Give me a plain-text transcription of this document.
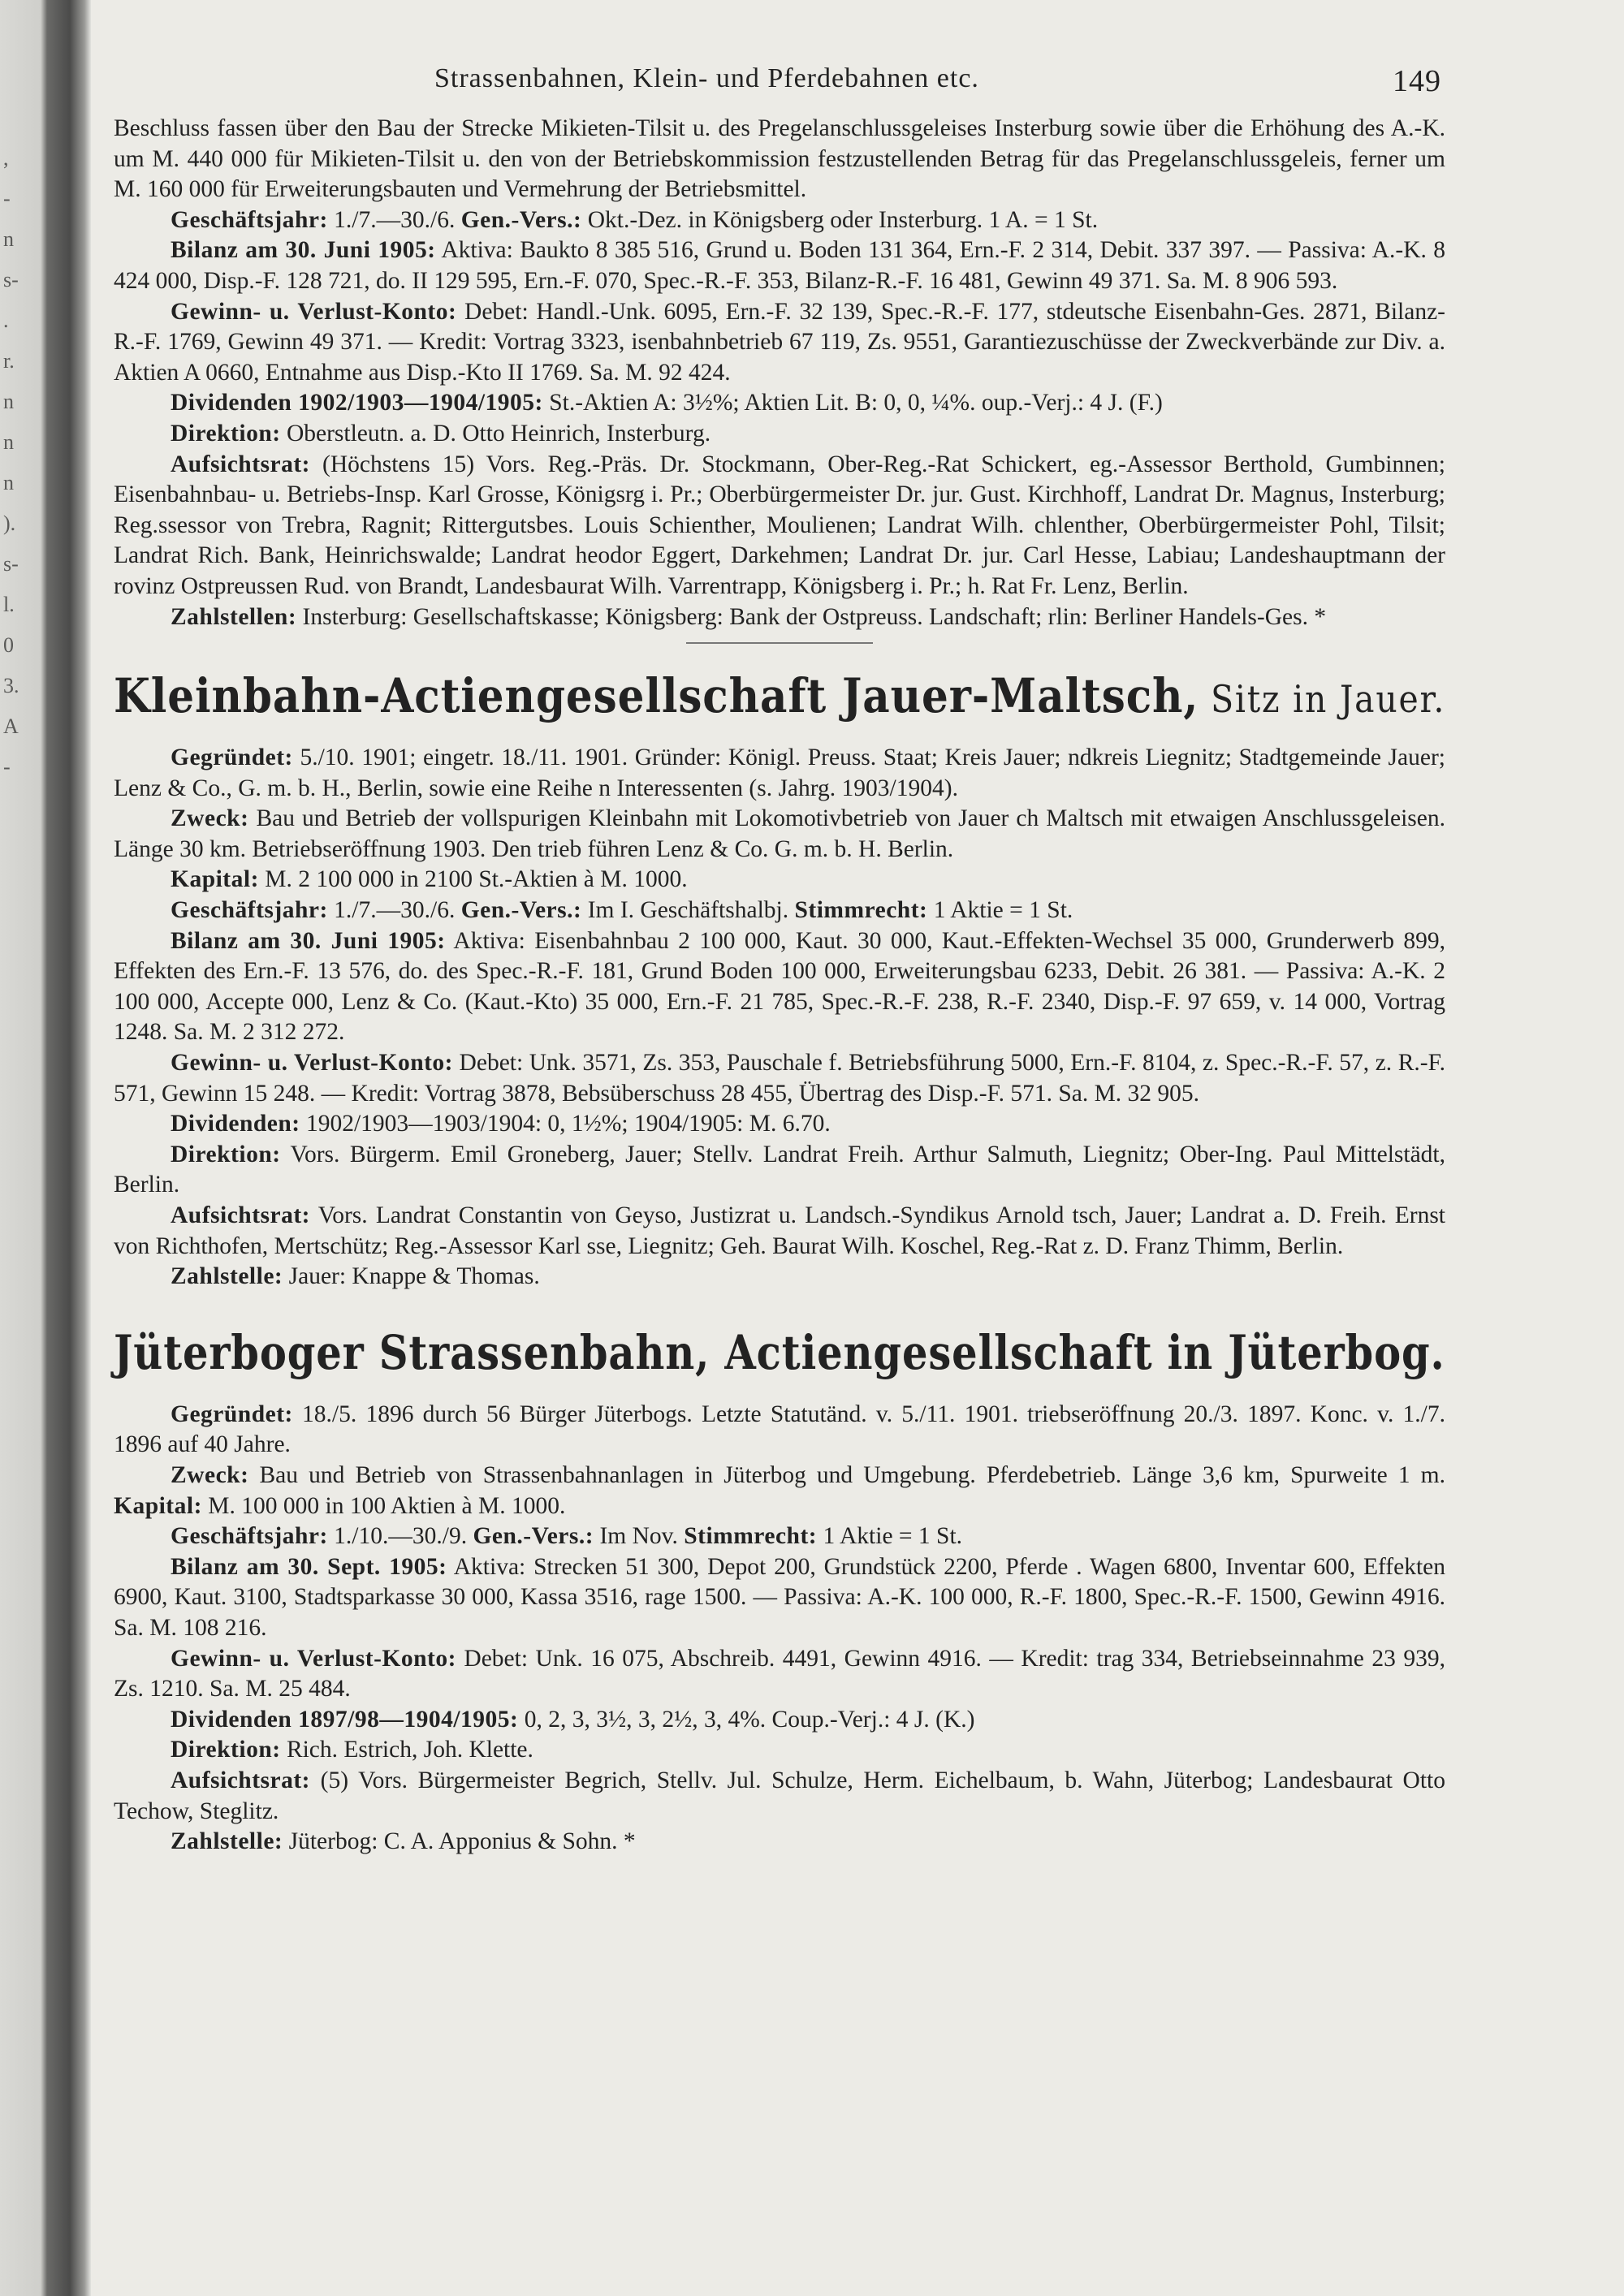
,
-
n
s-
.
r.
n
n
n
).
s-
l.
0
3.
A
-
Strassenbahnen, Klein- und Pferdebahnen etc.	149

Beschluss fassen über den Bau der Strecke Mikieten-Tilsit u. des Pregelanschlussgeleises Insterburg sowie über die Erhöhung des A.-K. um M. 440 000 für Mikieten-Tilsit u. den von der Betriebskommission festzustellenden Betrag für das Pregelanschlussgeleis, ferner um M. 160 000 für Erweiterungsbauten und Vermehrung der Betriebsmittel.

Geschäftsjahr: 1./7.—30./6. Gen.-Vers.: Okt.-Dez. in Königsberg oder Insterburg. 1 A. = 1 St.

Bilanz am 30. Juni 1905: Aktiva: Baukto 8 385 516, Grund u. Boden 131 364, Ern.-F. 2 314, Debit. 337 397. — Passiva: A.-K. 8 424 000, Disp.-F. 128 721, do. II 129 595, Ern.-F. 070, Spec.-R.-F. 353, Bilanz-R.-F. 16 481, Gewinn 49 371. Sa. M. 8 906 593.

Gewinn- u. Verlust-Konto: Debet: Handl.-Unk. 6095, Ern.-F. 32 139, Spec.-R.-F. 177, stdeutsche Eisenbahn-Ges. 2871, Bilanz-R.-F. 1769, Gewinn 49 371. — Kredit: Vortrag 3323, isenbahnbetrieb 67 119, Zs. 9551, Garantiezuschüsse der Zweckverbände zur Div. a. Aktien A 0660, Entnahme aus Disp.-Kto II 1769. Sa. M. 92 424.

Dividenden 1902/1903—1904/1905: St.-Aktien A: 3½%; Aktien Lit. B: 0, 0, ¼%. oup.-Verj.: 4 J. (F.)

Direktion: Oberstleutn. a. D. Otto Heinrich, Insterburg.

Aufsichtsrat: (Höchstens 15) Vors. Reg.-Präs. Dr. Stockmann, Ober-Reg.-Rat Schickert, eg.-Assessor Berthold, Gumbinnen; Eisenbahnbau- u. Betriebs-Insp. Karl Grosse, Königsrg i. Pr.; Oberbürgermeister Dr. jur. Gust. Kirchhoff, Landrat Dr. Magnus, Insterburg; Reg.ssessor von Trebra, Ragnit; Rittergutsbes. Louis Schienther, Moulienen; Landrat Wilh. chlenther, Oberbürgermeister Pohl, Tilsit; Landrat Rich. Bank, Heinrichswalde; Landrat heodor Eggert, Darkehmen; Landrat Dr. jur. Carl Hesse, Labiau; Landeshauptmann der rovinz Ostpreussen Rud. von Brandt, Landesbaurat Wilh. Varrentrapp, Königsberg i. Pr.; h. Rat Fr. Lenz, Berlin.

Zahlstellen: Insterburg: Gesellschaftskasse; Königsberg: Bank der Ostpreuss. Landschaft; rlin: Berliner Handels-Ges. *

Kleinbahn-Actiengesellschaft Jauer-Maltsch, Sitz in Jauer.

Gegründet: 5./10. 1901; eingetr. 18./11. 1901. Gründer: Königl. Preuss. Staat; Kreis Jauer; ndkreis Liegnitz; Stadtgemeinde Jauer; Lenz & Co., G. m. b. H., Berlin, sowie eine Reihe n Interessenten (s. Jahrg. 1903/1904).

Zweck: Bau und Betrieb der vollspurigen Kleinbahn mit Lokomotivbetrieb von Jauer ch Maltsch mit etwaigen Anschlussgeleisen. Länge 30 km. Betriebseröffnung 1903. Den trieb führen Lenz & Co. G. m. b. H. Berlin.

Kapital: M. 2 100 000 in 2100 St.-Aktien à M. 1000.

Geschäftsjahr: 1./7.—30./6. Gen.-Vers.: Im I. Geschäftshalbj. Stimmrecht: 1 Aktie = 1 St.

Bilanz am 30. Juni 1905: Aktiva: Eisenbahnbau 2 100 000, Kaut. 30 000, Kaut.-Effekten-Wechsel 35 000, Grunderwerb 899, Effekten des Ern.-F. 13 576, do. des Spec.-R.-F. 181, Grund Boden 100 000, Erweiterungsbau 6233, Debit. 26 381. — Passiva: A.-K. 2 100 000, Accepte 000, Lenz & Co. (Kaut.-Kto) 35 000, Ern.-F. 21 785, Spec.-R.-F. 238, R.-F. 2340, Disp.-F. 97 659, v. 14 000, Vortrag 1248. Sa. M. 2 312 272.

Gewinn- u. Verlust-Konto: Debet: Unk. 3571, Zs. 353, Pauschale f. Betriebsführung 5000, Ern.-F. 8104, z. Spec.-R.-F. 57, z. R.-F. 571, Gewinn 15 248. — Kredit: Vortrag 3878, Bebsüberschuss 28 455, Übertrag des Disp.-F. 571. Sa. M. 32 905.

Dividenden: 1902/1903—1903/1904: 0, 1½%; 1904/1905: M. 6.70.

Direktion: Vors. Bürgerm. Emil Groneberg, Jauer; Stellv. Landrat Freih. Arthur Salmuth, Liegnitz; Ober-Ing. Paul Mittelstädt, Berlin.

Aufsichtsrat: Vors. Landrat Constantin von Geyso, Justizrat u. Landsch.-Syndikus Arnold tsch, Jauer; Landrat a. D. Freih. Ernst von Richthofen, Mertschütz; Reg.-Assessor Karl sse, Liegnitz; Geh. Baurat Wilh. Koschel, Reg.-Rat z. D. Franz Thimm, Berlin.

Zahlstelle: Jauer: Knappe & Thomas.

Jüterboger Strassenbahn, Actiengesellschaft in Jüterbog.

Gegründet: 18./5. 1896 durch 56 Bürger Jüterbogs. Letzte Statutänd. v. 5./11. 1901. triebseröffnung 20./3. 1897. Konc. v. 1./7. 1896 auf 40 Jahre.

Zweck: Bau und Betrieb von Strassenbahnanlagen in Jüterbog und Umgebung. Pferdebetrieb. Länge 3,6 km, Spurweite 1 m. Kapital: M. 100 000 in 100 Aktien à M. 1000.

Geschäftsjahr: 1./10.—30./9. Gen.-Vers.: Im Nov. Stimmrecht: 1 Aktie = 1 St.

Bilanz am 30. Sept. 1905: Aktiva: Strecken 51 300, Depot 200, Grundstück 2200, Pferde . Wagen 6800, Inventar 600, Effekten 6900, Kaut. 3100, Stadtsparkasse 30 000, Kassa 3516, rage 1500. — Passiva: A.-K. 100 000, R.-F. 1800, Spec.-R.-F. 1500, Gewinn 4916. Sa. M. 108 216.

Gewinn- u. Verlust-Konto: Debet: Unk. 16 075, Abschreib. 4491, Gewinn 4916. — Kredit: trag 334, Betriebseinnahme 23 939, Zs. 1210. Sa. M. 25 484.

Dividenden 1897/98—1904/1905: 0, 2, 3, 3½, 3, 2½, 3, 4%. Coup.-Verj.: 4 J. (K.)

Direktion: Rich. Estrich, Joh. Klette.

Aufsichtsrat: (5) Vors. Bürgermeister Begrich, Stellv. Jul. Schulze, Herm. Eichelbaum, b. Wahn, Jüterbog; Landesbaurat Otto Techow, Steglitz.

Zahlstelle: Jüterbog: C. A. Apponius & Sohn. *
